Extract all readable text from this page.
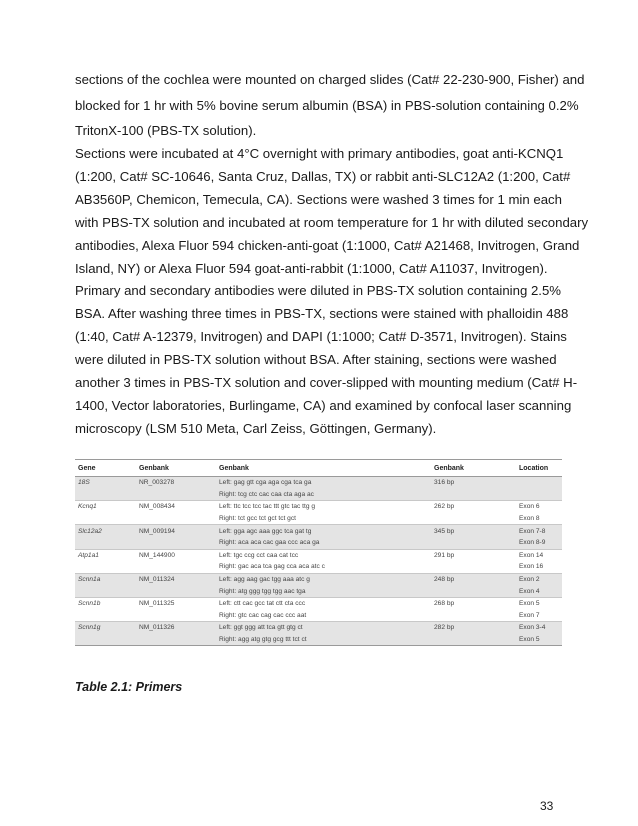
sections of the cochlea were mounted on charged slides (Cat# 22-230-900, Fisher) and
blocked for 1 hr with 5% bovine serum albumin (BSA) in PBS-solution containing 0.2%
TritonX-100 (PBS-TX solution).
Sections were incubated at 4°C overnight with primary antibodies, goat anti-KCNQ1
(1:200, Cat# SC-10646, Santa Cruz, Dallas, TX) or rabbit anti-SLC12A2 (1:200, Cat#
AB3560P, Chemicon, Temecula, CA). Sections were washed 3 times for 1 min each
with PBS-TX solution and incubated at room temperature for 1 hr with diluted secondary
antibodies, Alexa Fluor 594 chicken-anti-goat (1:1000, Cat# A21468, Invitrogen, Grand
Island, NY) or Alexa Fluor 594 goat-anti-rabbit (1:1000, Cat# A11037, Invitrogen).
Primary and secondary antibodies were diluted in PBS-TX solution containing 2.5%
BSA. After washing three times in PBS-TX, sections were stained with phalloidin 488
(1:40, Cat# A-12379, Invitrogen) and DAPI (1:1000; Cat# D-3571, Invitrogen). Stains
were diluted in PBS-TX solution without BSA. After staining, sections were washed
another 3 times in PBS-TX solution and cover-slipped with mounting medium (Cat# H-
1400, Vector laboratories, Burlingame, CA) and examined by confocal laser scanning
microscopy (LSM 510 Meta, Carl Zeiss, Göttingen, Germany).
Gene	Genbank	Genbank	Genbank	Location
18S	NR_003278	Left: gag gtt cga aga cga tca ga	316 bp	
		Right: tcg ctc cac caa cta aga ac		
Kcnq1	NM_008434	Left: ttc tcc tcc tac ttt gtc tac ttg g	262 bp	Exon 6
		Right: tct gcc tct gct tct gct		Exon 8
Slc12a2	NM_009194	Left: gga agc aaa ggc tca gat tg	345 bp	Exon 7-8
		Right: aca aca cac gaa ccc aca ga		Exon 8-9
Atp1a1	NM_144900	Left: tgc ccg cct caa cat tcc	291 bp	Exon 14
		Right: gac aca tca gag cca aca atc c		Exon 16
Scnn1a	NM_011324	Left: agg aag gac tgg aaa atc g	248 bp	Exon 2
		Right: atg ggg tgg tgg aac tga		Exon 4
Scnn1b	NM_011325	Left: ctt cac gcc tat ctt cta ccc	268 bp	Exon 5
		Right: gtc cac cag cac ccc aat		Exon 7
Scnn1g	NM_011326	Left: ggt ggg att tca gtt gtg ct	282 bp	Exon 3-4
		Right: agg atg gtg gcg ttt tct ct		Exon 5
Table 2.1: Primers
33
